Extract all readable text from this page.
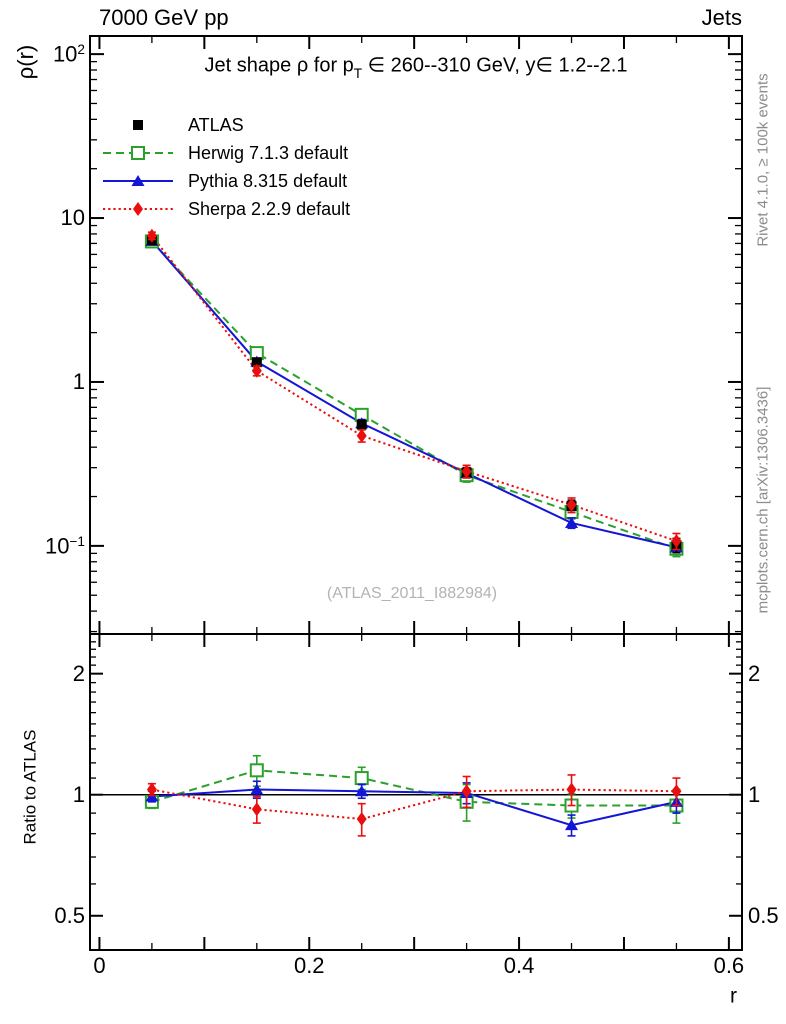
7000 GeV pp	Jets
ρ(r)	Jet shape ρ for $p_T$ ∈ 260--310 GeV, y∈ 1.2--2.1
ATLAS
Herwig 7.1.3 default
Pythia 8.315 default
Sherpa 2.2.9 default
(ATLAS_2011_I882984)
Rivet 4.1.0, ≥ 100k events
mcplots.cern.ch [arXiv:1306.3436]
Ratio to ATLAS
r
$10^2$
10
1
$10^{-1}$
2	2
1	1
0.5	0.5
0	0.2	0.4	0.6
